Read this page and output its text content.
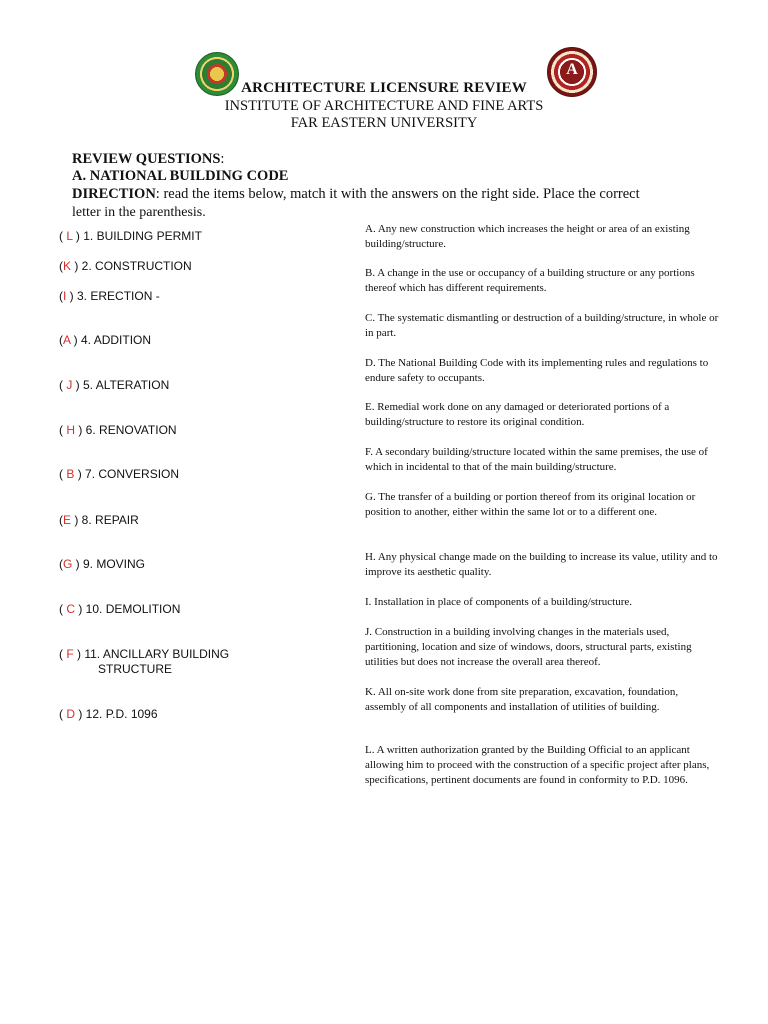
A
ARCHITECTURE LICENSURE REVIEW
INSTITUTE OF ARCHITECTURE AND FINE ARTS
FAR EASTERN UNIVERSITY
REVIEW QUESTIONS:
A. NATIONAL BUILDING CODE
DIRECTION: read the items below, match it with the answers on the right side. Place the correct
letter in the parenthesis.
( L ) 1. BUILDING PERMIT
(K ) 2. CONSTRUCTION
(I ) 3. ERECTION -
(A ) 4. ADDITION
( J ) 5. ALTERATION
( H ) 6. RENOVATION
( B ) 7. CONVERSION
(E ) 8. REPAIR
(G ) 9. MOVING
( C ) 10. DEMOLITION
( F ) 11. ANCILLARY BUILDING
STRUCTURE
( D ) 12. P.D. 1096
A. Any new construction which increases the height or area of an existing building/structure.
B. A change in the use or occupancy of a building structure or any portions thereof which has different requirements.
C. The systematic dismantling or destruction of a building/structure, in whole or in part.
D. The National Building Code with its implementing rules and regulations to endure safety to occupants.
E. Remedial work done on any damaged or deteriorated portions of a building/structure to restore its original condition.
F. A secondary building/structure located within the same premises, the use of which in incidental to that of the main building/structure.
G. The transfer of a building or portion thereof from its original location or position to another, either within the same lot or to a different one.
H. Any physical change made on the building to increase its value, utility and to improve its aesthetic quality.
I. Installation in place of components of a building/structure.
J. Construction in a building involving changes in the materials used, partitioning, location and size of windows, doors, structural parts, existing utilities but does not increase the overall area thereof.
K. All on-site work done from site preparation, excavation, foundation, assembly of all components and installation of utilities of building.
L. A written authorization granted by the Building Official to an applicant allowing him to proceed with the construction of a specific project after plans, specifications, pertinent documents are found in conformity to P.D. 1096.
